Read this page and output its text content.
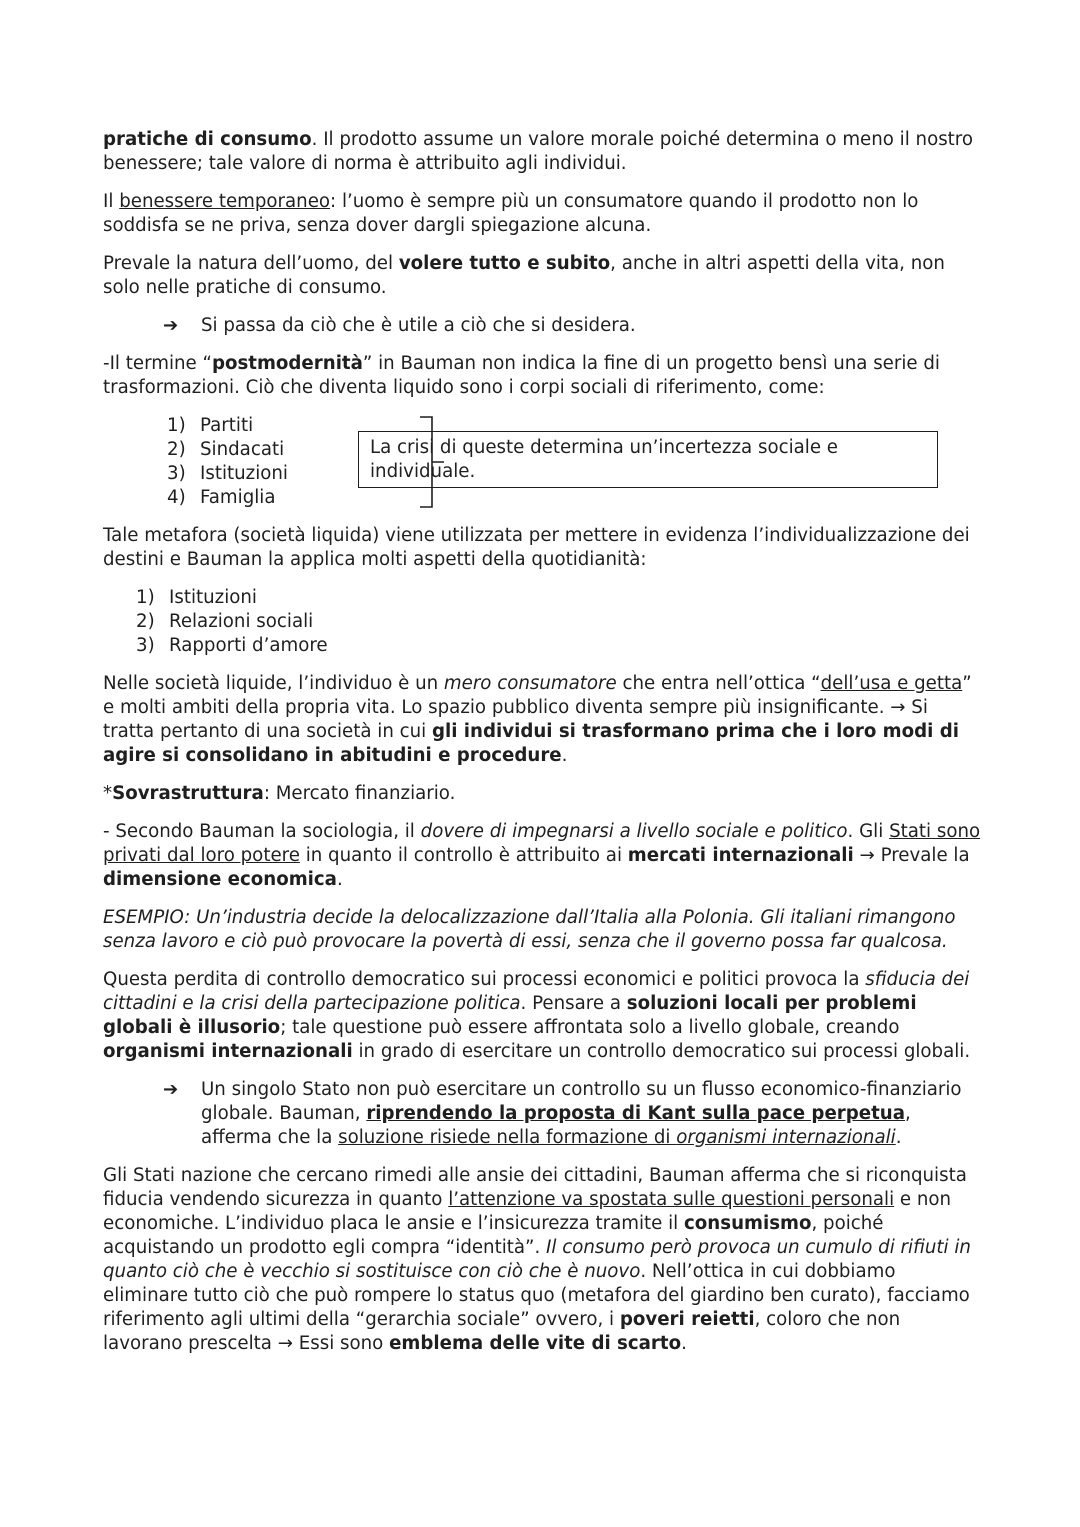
pratiche di consumo. Il prodotto assume un valore morale poiché determina o meno il nostro benessere; tale valore di norma è attribuito agli individui.

Il benessere temporaneo: l’uomo è sempre più un consumatore quando il prodotto non lo soddisfa se ne priva, senza dover dargli spiegazione alcuna.

Prevale la natura dell’uomo, del volere tutto e subito, anche in altri aspetti della vita, non solo nelle pratiche di consumo.

➔	Si passa da ciò che è utile a ciò che si desidera.

-Il termine “postmodernità” in Bauman non indica la fine di un progetto bensì una serie di trasformazioni. Ciò che diventa liquido sono i corpi sociali di riferimento, come:

1) Partiti
2) Sindacati
3) Istituzioni
4) Famiglia
La crisi di queste determina un’incertezza sociale e individuale.

Tale metafora (società liquida) viene utilizzata per mettere in evidenza l’individualizzazione dei destini e Bauman la applica molti aspetti della quotidianità:

1) Istituzioni
2) Relazioni sociali
3) Rapporti d’amore

Nelle società liquide, l’individuo è un mero consumatore che entra nell’ottica “dell’usa e getta” e molti ambiti della propria vita. Lo spazio pubblico diventa sempre più insignificante. → Si tratta pertanto di una società in cui gli individui si trasformano prima che i loro modi di agire si consolidano in abitudini e procedure.

*Sovrastruttura: Mercato finanziario.

- Secondo Bauman la sociologia, il dovere di impegnarsi a livello sociale e politico. Gli Stati sono privati dal loro potere in quanto il controllo è attribuito ai mercati internazionali → Prevale la dimensione economica.

ESEMPIO: Un’industria decide la delocalizzazione dall’Italia alla Polonia. Gli italiani rimangono senza lavoro e ciò può provocare la povertà di essi, senza che il governo possa far qualcosa.

Questa perdita di controllo democratico sui processi economici e politici provoca la sfiducia dei cittadini e la crisi della partecipazione politica. Pensare a soluzioni locali per problemi globali è illusorio; tale questione può essere affrontata solo a livello globale, creando organismi internazionali in grado di esercitare un controllo democratico sui processi globali.

➔	Un singolo Stato non può esercitare un controllo su un flusso economico-finanziario globale. Bauman, riprendendo la proposta di Kant sulla pace perpetua, afferma che la soluzione risiede nella formazione di organismi internazionali.

Gli Stati nazione che cercano rimedi alle ansie dei cittadini, Bauman afferma che si riconquista fiducia vendendo sicurezza in quanto l’attenzione va spostata sulle questioni personali e non economiche. L’individuo placa le ansie e l’insicurezza tramite il consumismo, poiché acquistando un prodotto egli compra “identità”. Il consumo però provoca un cumulo di rifiuti in quanto ciò che è vecchio si sostituisce con ciò che è nuovo. Nell’ottica in cui dobbiamo eliminare tutto ciò che può rompere lo status quo (metafora del giardino ben curato), facciamo riferimento agli ultimi della “gerarchia sociale” ovvero, i poveri reietti, coloro che non lavorano prescelta → Essi sono emblema delle vite di scarto.
